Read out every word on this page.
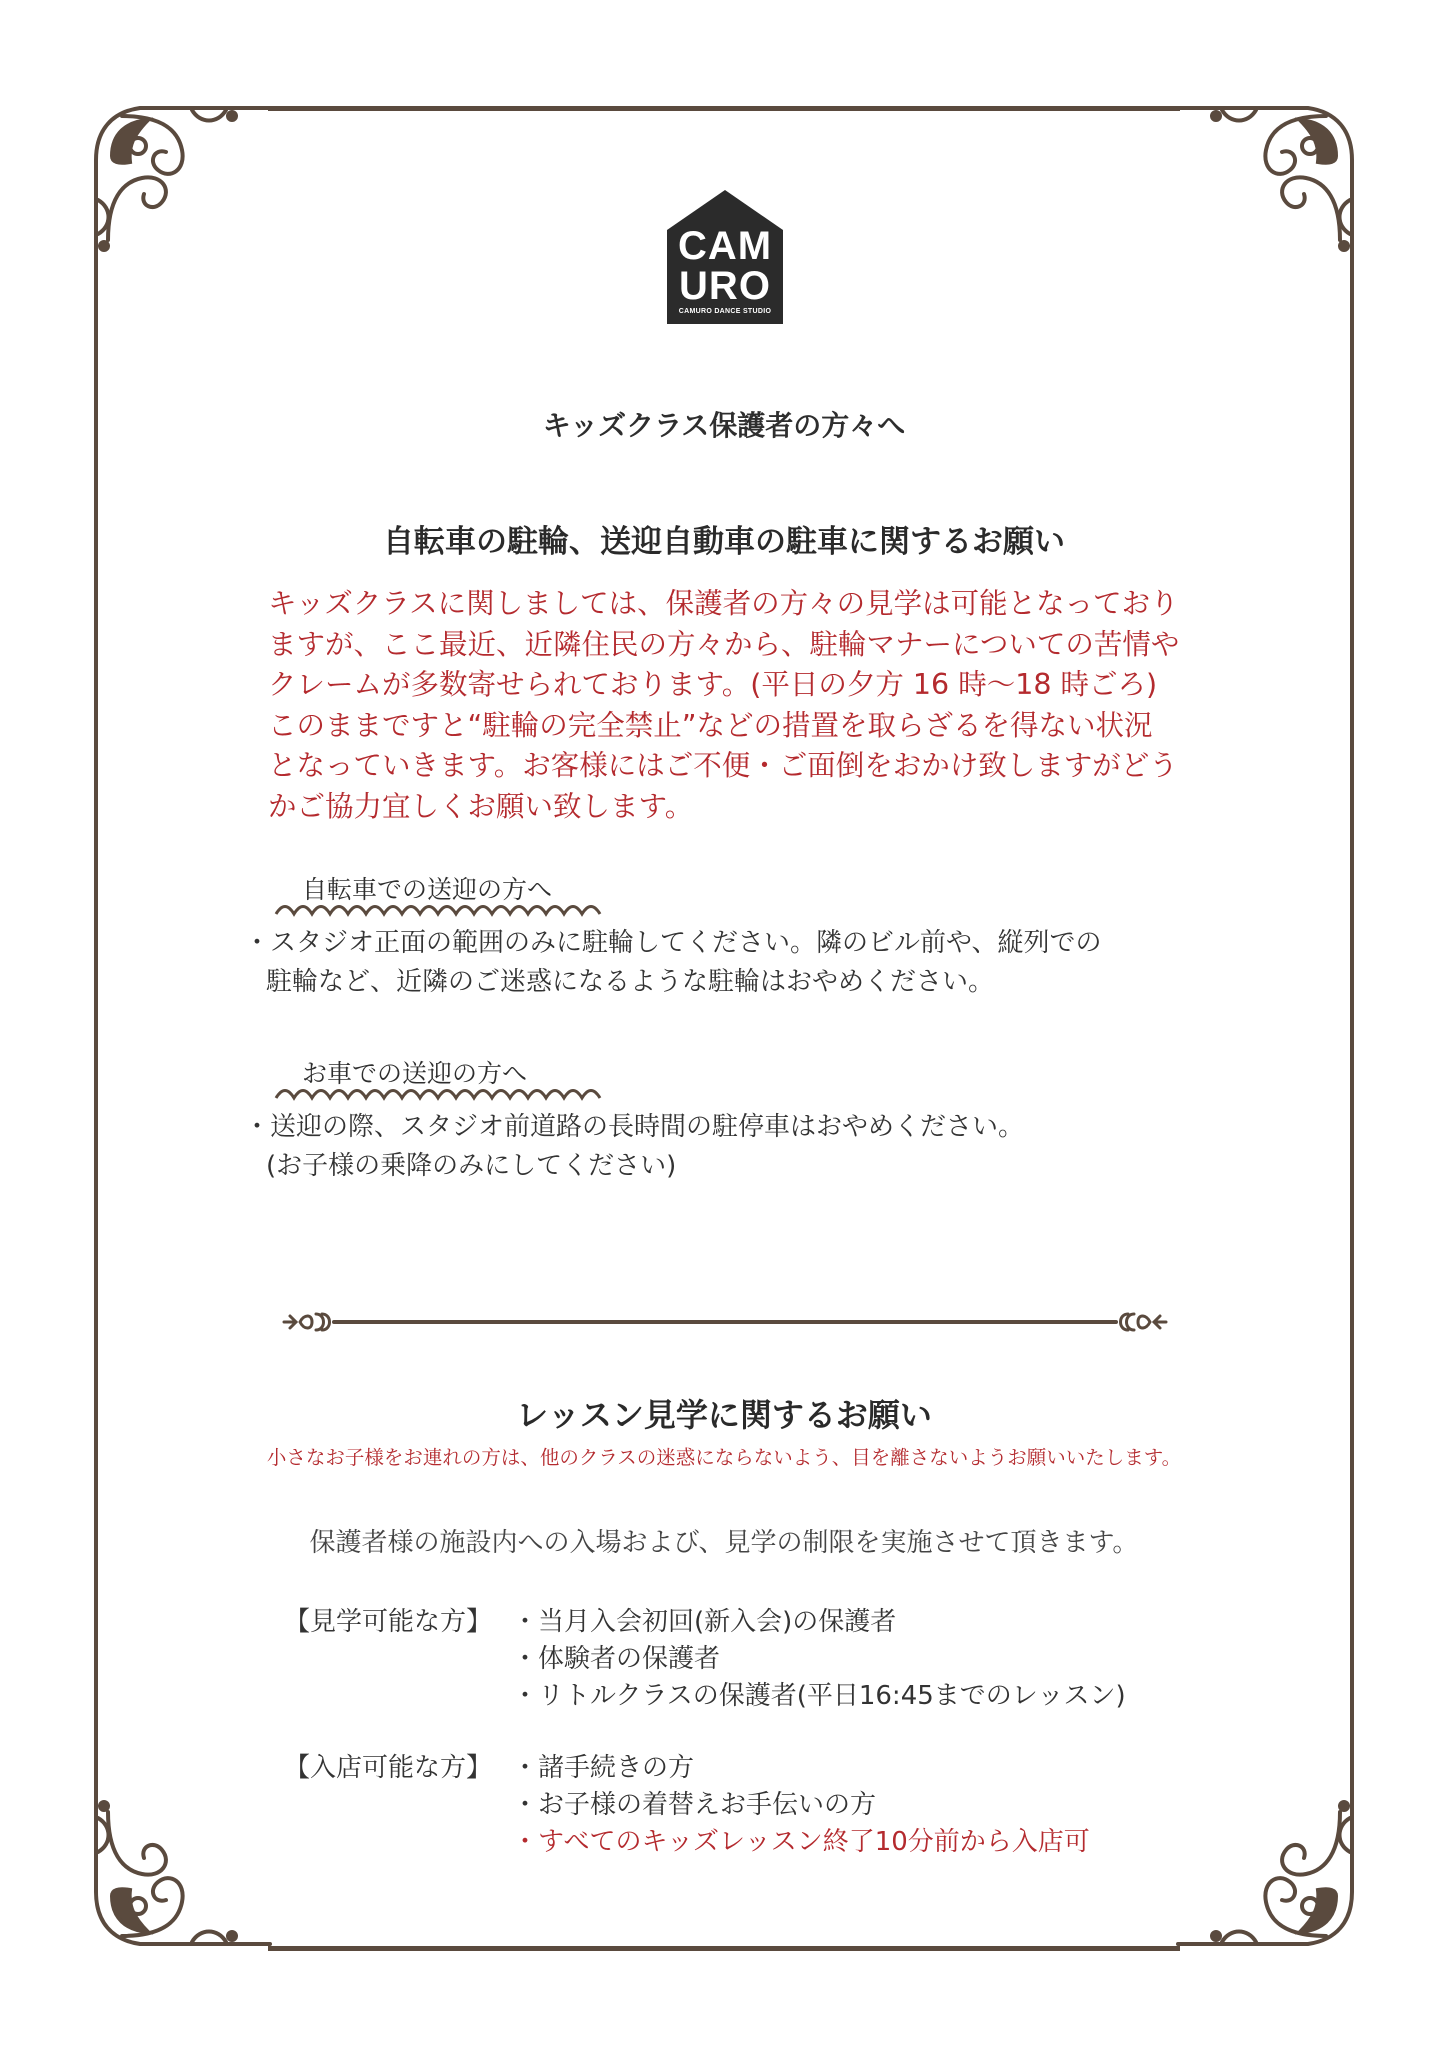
CAM
URO
CAMURO DANCE STUDIO
キッズクラス保護者の方々へ
自転車の駐輪、送迎自動車の駐車に関するお願い
キッズクラスに関しましては、保護者の方々の見学は可能となっており
ますが、ここ最近、近隣住民の方々から、駐輪マナーについての苦情や
クレームが多数寄せられております。(平日の夕方 16 時〜18 時ごろ)
このままですと“駐輪の完全禁止”などの措置を取らざるを得ない状況
となっていきます。お客様にはご不便・ご面倒をおかけ致しますがどう
かご協力宜しくお願い致します。
自転車での送迎の方へ
・スタジオ正面の範囲のみに駐輪してください。隣のビル前や、縦列での
駐輪など、近隣のご迷惑になるような駐輪はおやめください。
お車での送迎の方へ
・送迎の際、スタジオ前道路の長時間の駐停車はおやめください。
(お子様の乗降のみにしてください)
レッスン見学に関するお願い
小さなお子様をお連れの方は、他のクラスの迷惑にならないよう、目を離さないようお願いいたします。
保護者様の施設内への入場および、見学の制限を実施させて頂きます。
【見学可能な方】 ・当月入会初回(新入会)の保護者
・体験者の保護者
・リトルクラスの保護者(平日16:45までのレッスン)
【入店可能な方】 ・諸手続きの方
・お子様の着替えお手伝いの方
・すべてのキッズレッスン終了10分前から入店可
